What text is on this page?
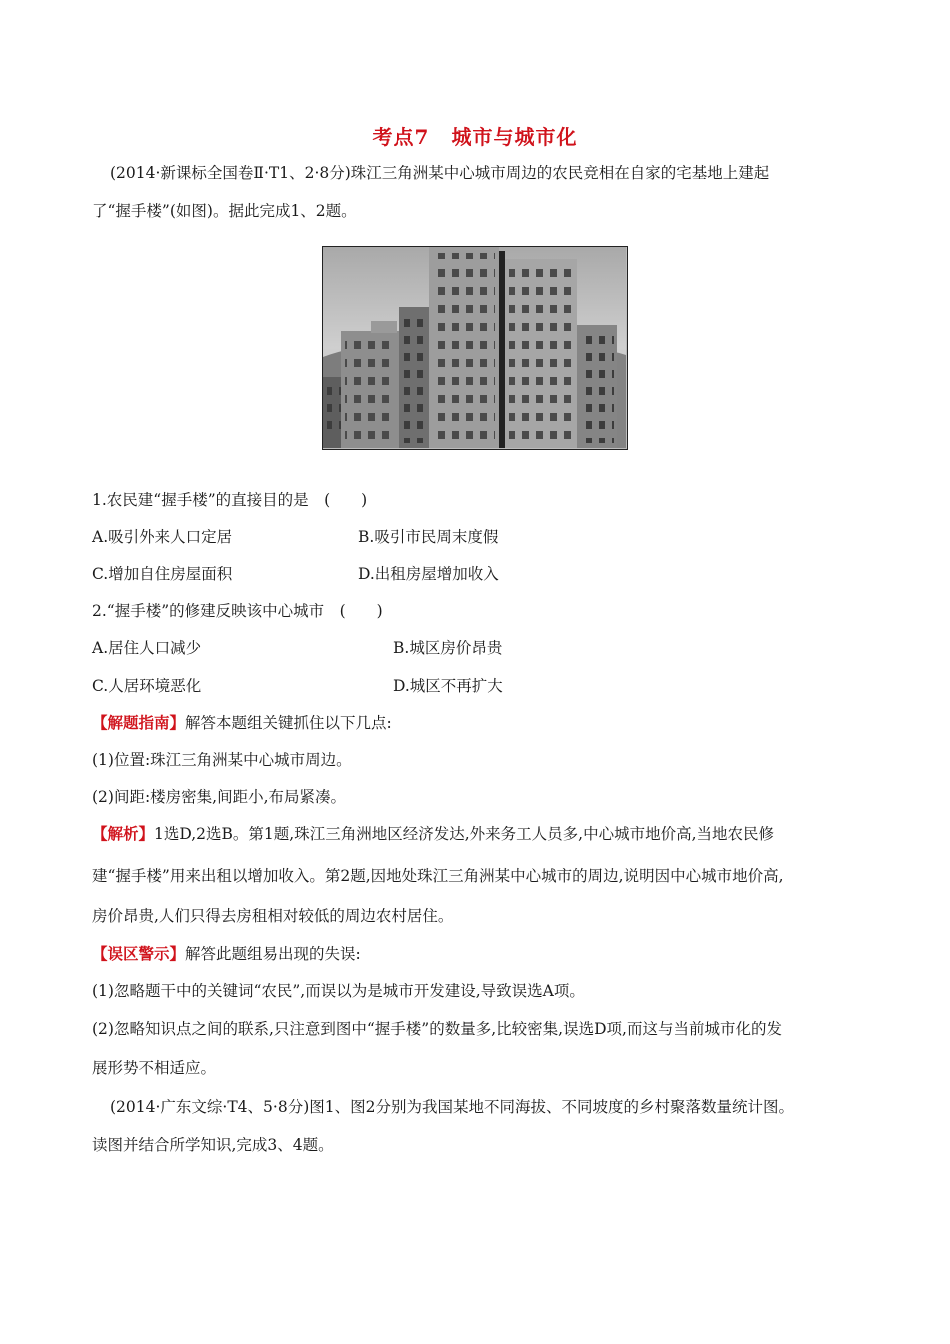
考点7 城市与城市化
(2014·新课标全国卷Ⅱ·T1、2·8分)珠江三角洲某中心城市周边的农民竞相在自家的宅基地上建起
了“握手楼”(如图)。据此完成1、2题。
1.农民建“握手楼”的直接目的是　(　　)
A.吸引外来人口定居	B.吸引市民周末度假
C.增加自住房屋面积	D.出租房屋增加收入
2.“握手楼”的修建反映该中心城市　(　　)
A.居住人口减少	B.城区房价昂贵
C.人居环境恶化	D.城区不再扩大
【解题指南】解答本题组关键抓住以下几点:
(1)位置:珠江三角洲某中心城市周边。
(2)间距:楼房密集,间距小,布局紧凑。
【解析】1选D,2选B。第1题,珠江三角洲地区经济发达,外来务工人员多,中心城市地价高,当地农民修
建“握手楼”用来出租以增加收入。第2题,因地处珠江三角洲某中心城市的周边,说明因中心城市地价高,
房价昂贵,人们只得去房租相对较低的周边农村居住。
【误区警示】解答此题组易出现的失误:
(1)忽略题干中的关键词“农民”,而误以为是城市开发建设,导致误选A项。
(2)忽略知识点之间的联系,只注意到图中“握手楼”的数量多,比较密集,误选D项,而这与当前城市化的发
展形势不相适应。
(2014·广东文综·T4、5·8分)图1、图2分别为我国某地不同海拔、不同坡度的乡村聚落数量统计图。
读图并结合所学知识,完成3、4题。
